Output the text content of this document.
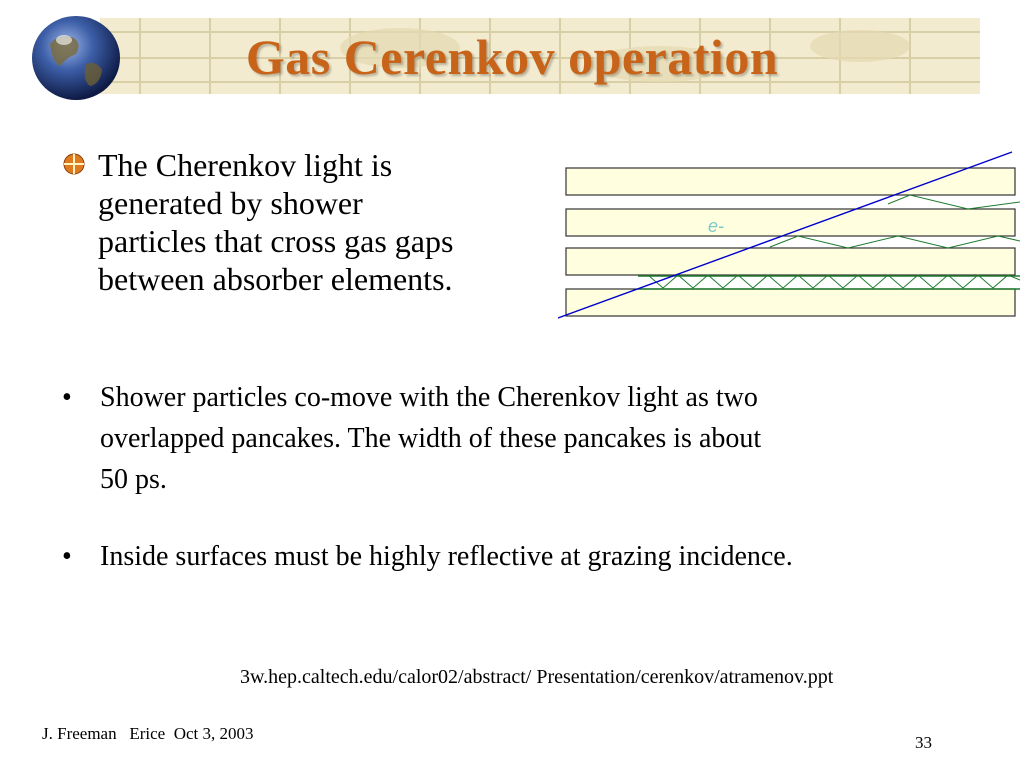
Gas Cerenkov operation
The Cherenkov light is
generated by shower
particles that cross gas gaps
between absorber elements.
e-
• Shower particles co-move with the Cherenkov light as two
overlapped pancakes. The width of these pancakes is about
50 ps.
• Inside surfaces must be highly reflective at grazing incidence.
3w.hep.caltech.edu/calor02/abstract/ Presentation/cerenkov/atramenov.ppt
J. Freeman   Erice  Oct 3, 2003	33
